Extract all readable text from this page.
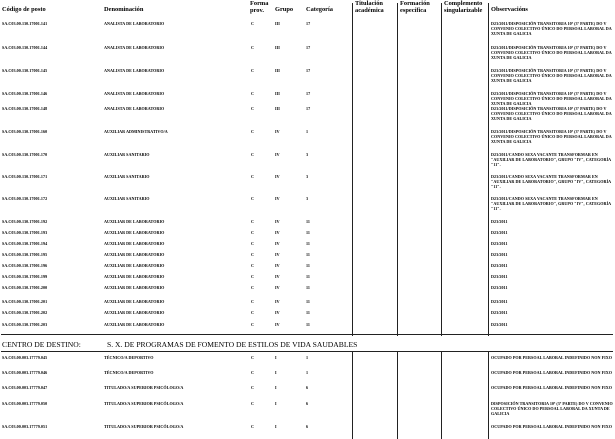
Código de posto	Denominación
Forma
prov. Grupo Categoría
Titulación
académica
Formación
específica
Complemento
singularizable Observacións
SA.C03.00.130.17001.141	ANALISTA DE LABORATORIO	C	III	17	D23/2011/DISPOSICIÓN TRANSITORIA 10ª (3º PARTE) DO V CONVENIO COLECTIVO ÚNICO DO PERSOAL LABORAL DA XUNTA DE GALICIA
SA.C03.00.130.17001.144	ANALISTA DE LABORATORIO	C	III	17	D23/2011/DISPOSICIÓN TRANSITORIA 10ª (3º PARTE) DO V CONVENIO COLECTIVO ÚNICO DO PERSOAL LABORAL DA XUNTA DE GALICIA
SA.C03.00.130.17001.145	ANALISTA DE LABORATORIO	C	III	17	D23/2011/DISPOSICIÓN TRANSITORIA 10ª (3º PARTE) DO V CONVENIO COLECTIVO ÚNICO DO PERSOAL LABORAL DA XUNTA DE GALICIA
SA.C03.00.130.17001.146	ANALISTA DE LABORATORIO	C	III	17	D23/2011/DISPOSICIÓN TRANSITORIA 10ª (3º PARTE) DO V CONVENIO COLECTIVO ÚNICO DO PERSOAL LABORAL DA XUNTA DE GALICIA
SA.C03.00.130.17001.148	ANALISTA DE LABORATORIO	C	III	17	D23/2011/DISPOSICIÓN TRANSITORIA 10ª (3º PARTE) DO V CONVENIO COLECTIVO ÚNICO DO PERSOAL LABORAL DA XUNTA DE GALICIA
SA.C03.00.130.17001.160	AUXILIAR ADMINISTRATIVO/A	C	IV	1	D23/2011/DISPOSICIÓN TRANSITORIA 10ª (3º PARTE) DO V CONVENIO COLECTIVO ÚNICO DO PERSOAL LABORAL DA XUNTA DE GALICIA
SA.C03.00.130.17001.170	AUXILIAR SANITARIO	C	IV	3	D23/2011/CANDO SEXA VACANTE TRANSFORMAR EN "AUXILIAR DE LABORATORIO", GRUPO "IV", CATEGORÍA "11".
SA.C03.00.130.17001.171	AUXILIAR SANITARIO	C	IV	3	D23/2011/CANDO SEXA VACANTE TRANSFORMAR EN "AUXILIAR DE LABORATORIO", GRUPO "IV", CATEGORÍA "11".
SA.C03.00.130.17001.172	AUXILIAR SANITARIO	C	IV	3	D23/2011/CANDO SEXA VACANTE TRANSFORMAR EN "AUXILIAR DE LABORATORIO", GRUPO "IV", CATEGORÍA "11".
SA.C03.00.130.17001.192	AUXILIAR DE LABORATORIO	C	IV	11	D23/2011
SA.C03.00.130.17001.193	AUXILIAR DE LABORATORIO	C	IV	11	D23/2011
SA.C03.00.130.17001.194	AUXILIAR DE LABORATORIO	C	IV	11	D23/2011
SA.C03.00.130.17001.195	AUXILIAR DE LABORATORIO	C	IV	11	D23/2011
SA.C03.00.130.17001.196	AUXILIAR DE LABORATORIO	C	IV	11	D23/2011
SA.C03.00.130.17001.199	AUXILIAR DE LABORATORIO	C	IV	11	D23/2011
SA.C03.00.130.17001.200	AUXILIAR DE LABORATORIO	C	IV	11	D23/2011
SA.C03.00.130.17001.201	AUXILIAR DE LABORATORIO	C	IV	11	D23/2011
SA.C03.00.130.17001.202	AUXILIAR DE LABORATORIO	C	IV	11	D23/2011
SA.C03.00.130.17001.203	AUXILIAR DE LABORATORIO	C	IV	11	D23/2011
CENTRO DE DESTINO:	S. X. DE PROGRAMAS DE FOMENTO DE ESTILOS DE VIDA SAUDABLES
SA.C03.00.003.17779.045	TÉCNICO/A DEPORTIVO	C	I	1	OCUPADO POR PERSOAL LABORAL INDEFINIDO NON FIXO
SA.C03.00.003.17779.046	TÉCNICO/A DEPORTIVO	C	I	1	OCUPADO POR PERSOAL LABORAL INDEFINIDO NON FIXO
SA.C03.00.003.17779.047	TITULADO/A SUPERIOR PSICÓLOGO/A	C	I	6	OCUPADO POR PERSOAL LABORAL INDEFINIDO NON FIXO
SA.C03.00.003.17779.050	TITULADO/A SUPERIOR PSICÓLOGO/A	C	I	6	DISPOSICIÓN TRANSITORIA 10ª (3º PARTE) DO V CONVENIO COLECTIVO ÚNICO DO PERSOAL LABORAL DA XUNTA DE GALICIA
SA.C03.00.003.17779.051	TITULADO/A SUPERIOR PSICÓLOGO/A	C	I	6	OCUPADO POR PERSOAL LABORAL INDEFINIDO NON FIXO
